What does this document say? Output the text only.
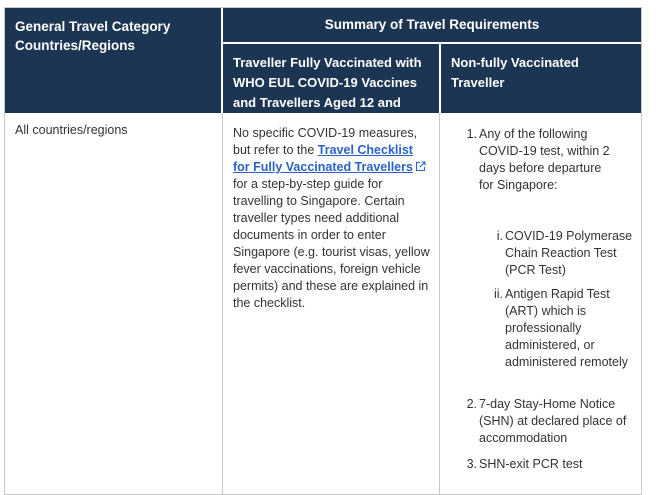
General Travel Category Countries/Regions
Summary of Travel Requirements
Traveller Fully Vaccinated with WHO EUL COVID-19 Vaccines and Travellers Aged 12 and Below
Non-fully Vaccinated Traveller
All countries/regions	No specific COVID-19 measures, but refer to the Travel Checklist for Fully Vaccinated Travellers for a step-by-step guide for travelling to Singapore. Certain traveller types need additional documents in order to enter Singapore (e.g. tourist visas, yellow fever vaccinations, foreign vehicle permits) and these are explained in the checklist.
1. Any of the following COVID-19 test, within 2 days before departure for Singapore:
i. COVID-19 Polymerase Chain Reaction Test (PCR Test)
ii. Antigen Rapid Test (ART) which is professionally administered, or administered remotely
2. 7-day Stay-Home Notice (SHN) at declared place of accommodation
3. SHN-exit PCR test
